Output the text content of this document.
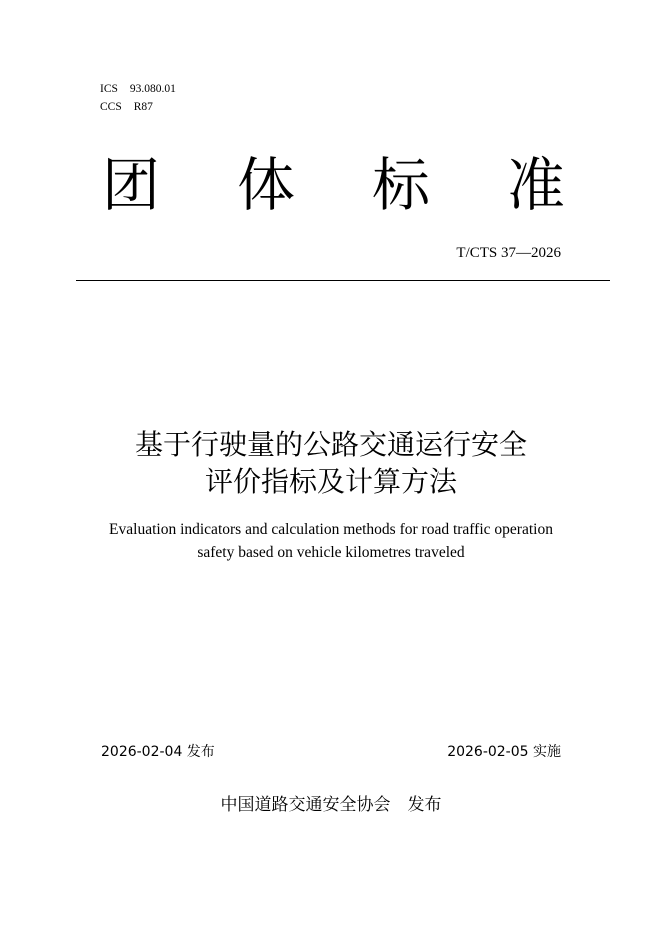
ICS 93.080.01
CCS R87
团 体 标 准
T/CTS 37—2026
基于行驶量的公路交通运行安全
评价指标及计算方法
Evaluation indicators and calculation methods for road traffic operation
safety based on vehicle kilometres traveled
2026-02-04 发布	2026-02-05 实施
中国道路交通安全协会　发布
